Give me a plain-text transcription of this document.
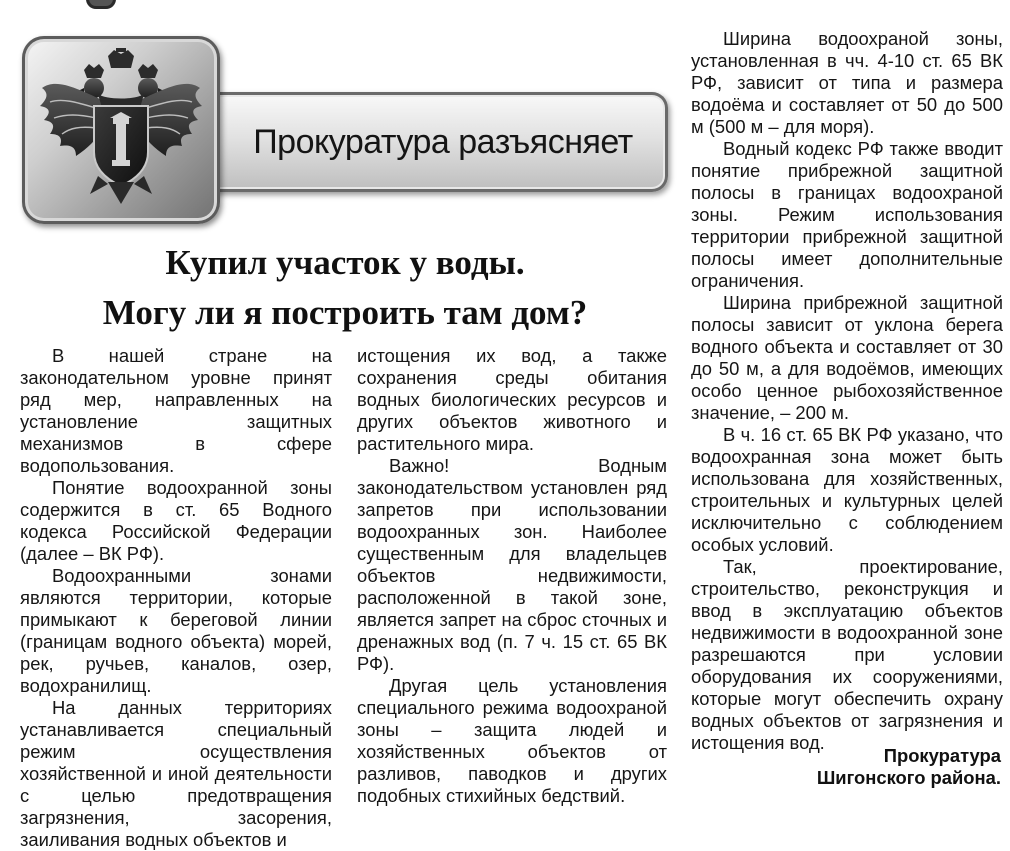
Прокуратура разъясняет
Купил участок у воды.
Могу ли я построить там дом?

В нашей стране на законодательном уровне принят ряд мер, направленных на установление защитных механизмов в сфере водопользования.

Понятие водоохранной зоны содержится в ст. 65 Водного кодекса Российской Федерации (далее – ВК РФ).

Водоохранными зонами являются территории, которые примыкают к береговой линии (границам водного объекта) морей, рек, ручьев, каналов, озер, водохранилищ.

На данных территориях устанавливается специальный режим осуществления хозяйственной и иной деятельности с целью предотвращения загрязнения, засорения, заиливания водных объектов и

истощения их вод, а также сохранения среды обитания водных биологических ресурсов и других объектов животного и растительного мира.

Важно! Водным законодательством установлен ряд запретов при использовании водоохранных зон. Наиболее существенным для владельцев объектов недвижимости, расположенной в такой зоне, является запрет на сброс сточных и дренажных вод (п. 7 ч. 15 ст. 65 ВК РФ).

Другая цель установления специального режима водоохраной зоны – защита людей и хозяйственных объектов от разливов, паводков и других подобных стихийных бедствий.

Ширина водоохраной зоны, установленная в чч. 4-10 ст. 65 ВК РФ, зависит от типа и размера водоёма и составляет от 50 до 500 м (500 м – для моря).

Водный кодекс РФ также вводит понятие прибрежной защитной полосы в границах водоохраной зоны. Режим использования территории прибрежной защитной полосы имеет дополнительные ограничения.

Ширина прибрежной защитной полосы зависит от уклона берега водного объекта и составляет от 30 до 50 м, а для водоёмов, имеющих особо ценное рыбохозяйственное значение, – 200 м.

В ч. 16 ст. 65 ВК РФ указано, что водоохранная зона может быть использована для хозяйственных, строительных и культурных целей исключительно с соблюдением особых условий.

Так, проектирование, строительство, реконструкция и ввод в эксплуатацию объектов недвижимости в водоохранной зоне разрешаются при условии оборудования их сооружениями, которые могут обеспечить охрану водных объектов от загрязнения и истощения вод.

Прокуратура
Шигонского района.
